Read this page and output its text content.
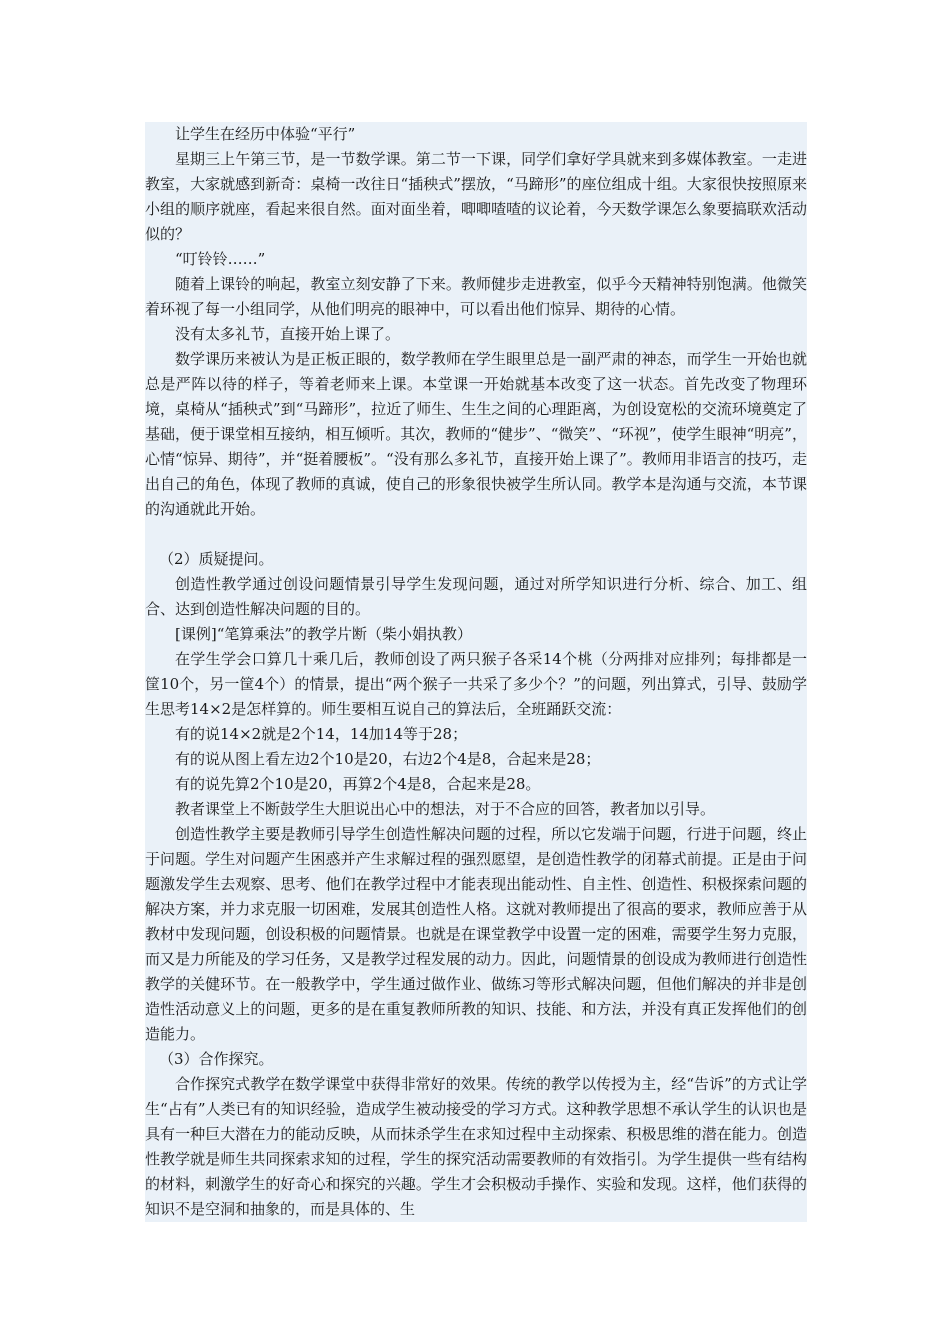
让学生在经历中体验“平行”

星期三上午第三节，是一节数学课。第二节一下课，同学们拿好学具就来到多媒体教室。一走进教室，大家就感到新奇：桌椅一改往日“插秧式”摆放，“马蹄形”的座位组成十组。大家很快按照原来小组的顺序就座，看起来很自然。面对面坐着，唧唧喳喳的议论着，今天数学课怎么象要搞联欢活动似的？

“叮铃铃……”

随着上课铃的响起，教室立刻安静了下来。教师健步走进教室，似乎今天精神特别饱满。他微笑着环视了每一小组同学，从他们明亮的眼神中，可以看出他们惊异、期待的心情。

没有太多礼节，直接开始上课了。

数学课历来被认为是正板正眼的，数学教师在学生眼里总是一副严肃的神态，而学生一开始也就总是严阵以待的样子，等着老师来上课。本堂课一开始就基本改变了这一状态。首先改变了物理环境，桌椅从“插秧式”到“马蹄形”，拉近了师生、生生之间的心理距离，为创设宽松的交流环境奠定了基础，便于课堂相互接纳，相互倾听。其次，教师的“健步”、“微笑”、“环视”，使学生眼神“明亮”，心情“惊异、期待”，并“挺着腰板”。“没有那么多礼节，直接开始上课了”。教师用非语言的技巧，走出自己的角色，体现了教师的真诚，使自己的形象很快被学生所认同。教学本是沟通与交流，本节课的沟通就此开始。

（2）质疑提问。

创造性教学通过创设问题情景引导学生发现问题，通过对所学知识进行分析、综合、加工、组合、达到创造性解决问题的目的。

[课例]“笔算乘法”的教学片断（柴小娟执教）

在学生学会口算几十乘几后，教师创设了两只猴子各采14个桃（分两排对应排列；每排都是一筐10个，另一筐4个）的情景，提出“两个猴子一共采了多少个？”的问题，列出算式，引导、鼓励学生思考14×2是怎样算的。师生要相互说自己的算法后，全班踊跃交流：

有的说14×2就是2个14，14加14等于28；

有的说从图上看左边2个10是20，右边2个4是8，合起来是28；

有的说先算2个10是20，再算2个4是8，合起来是28。

教者课堂上不断鼓学生大胆说出心中的想法，对于不合应的回答，教者加以引导。

创造性教学主要是教师引导学生创造性解决问题的过程，所以它发端于问题，行进于问题，终止于问题。学生对问题产生困惑并产生求解过程的强烈愿望，是创造性教学的闭幕式前提。正是由于问题激发学生去观察、思考、他们在教学过程中才能表现出能动性、自主性、创造性、积极探索问题的解决方案，并力求克服一切困难，发展其创造性人格。这就对教师提出了很高的要求，教师应善于从教材中发现问题，创设积极的问题情景。也就是在课堂教学中设置一定的困难，需要学生努力克服，而又是力所能及的学习任务，又是教学过程发展的动力。因此，问题情景的创设成为教师进行创造性教学的关健环节。在一般教学中，学生通过做作业、做练习等形式解决问题，但他们解决的并非是创造性活动意义上的问题，更多的是在重复教师所教的知识、技能、和方法，并没有真正发挥他们的创造能力。

（3）合作探究。

合作探究式教学在数学课堂中获得非常好的效果。传统的教学以传授为主，经“告诉”的方式让学生“占有”人类已有的知识经验，造成学生被动接受的学习方式。这种教学思想不承认学生的认识也是具有一种巨大潜在力的能动反映，从而抹杀学生在求知过程中主动探索、积极思维的潜在能力。创造性教学就是师生共同探索求知的过程，学生的探究活动需要教师的有效指引。为学生提供一些有结构的材料，刺激学生的好奇心和探究的兴趣。学生才会积极动手操作、实验和发现。这样，他们获得的知识不是空洞和抽象的，而是具体的、生
